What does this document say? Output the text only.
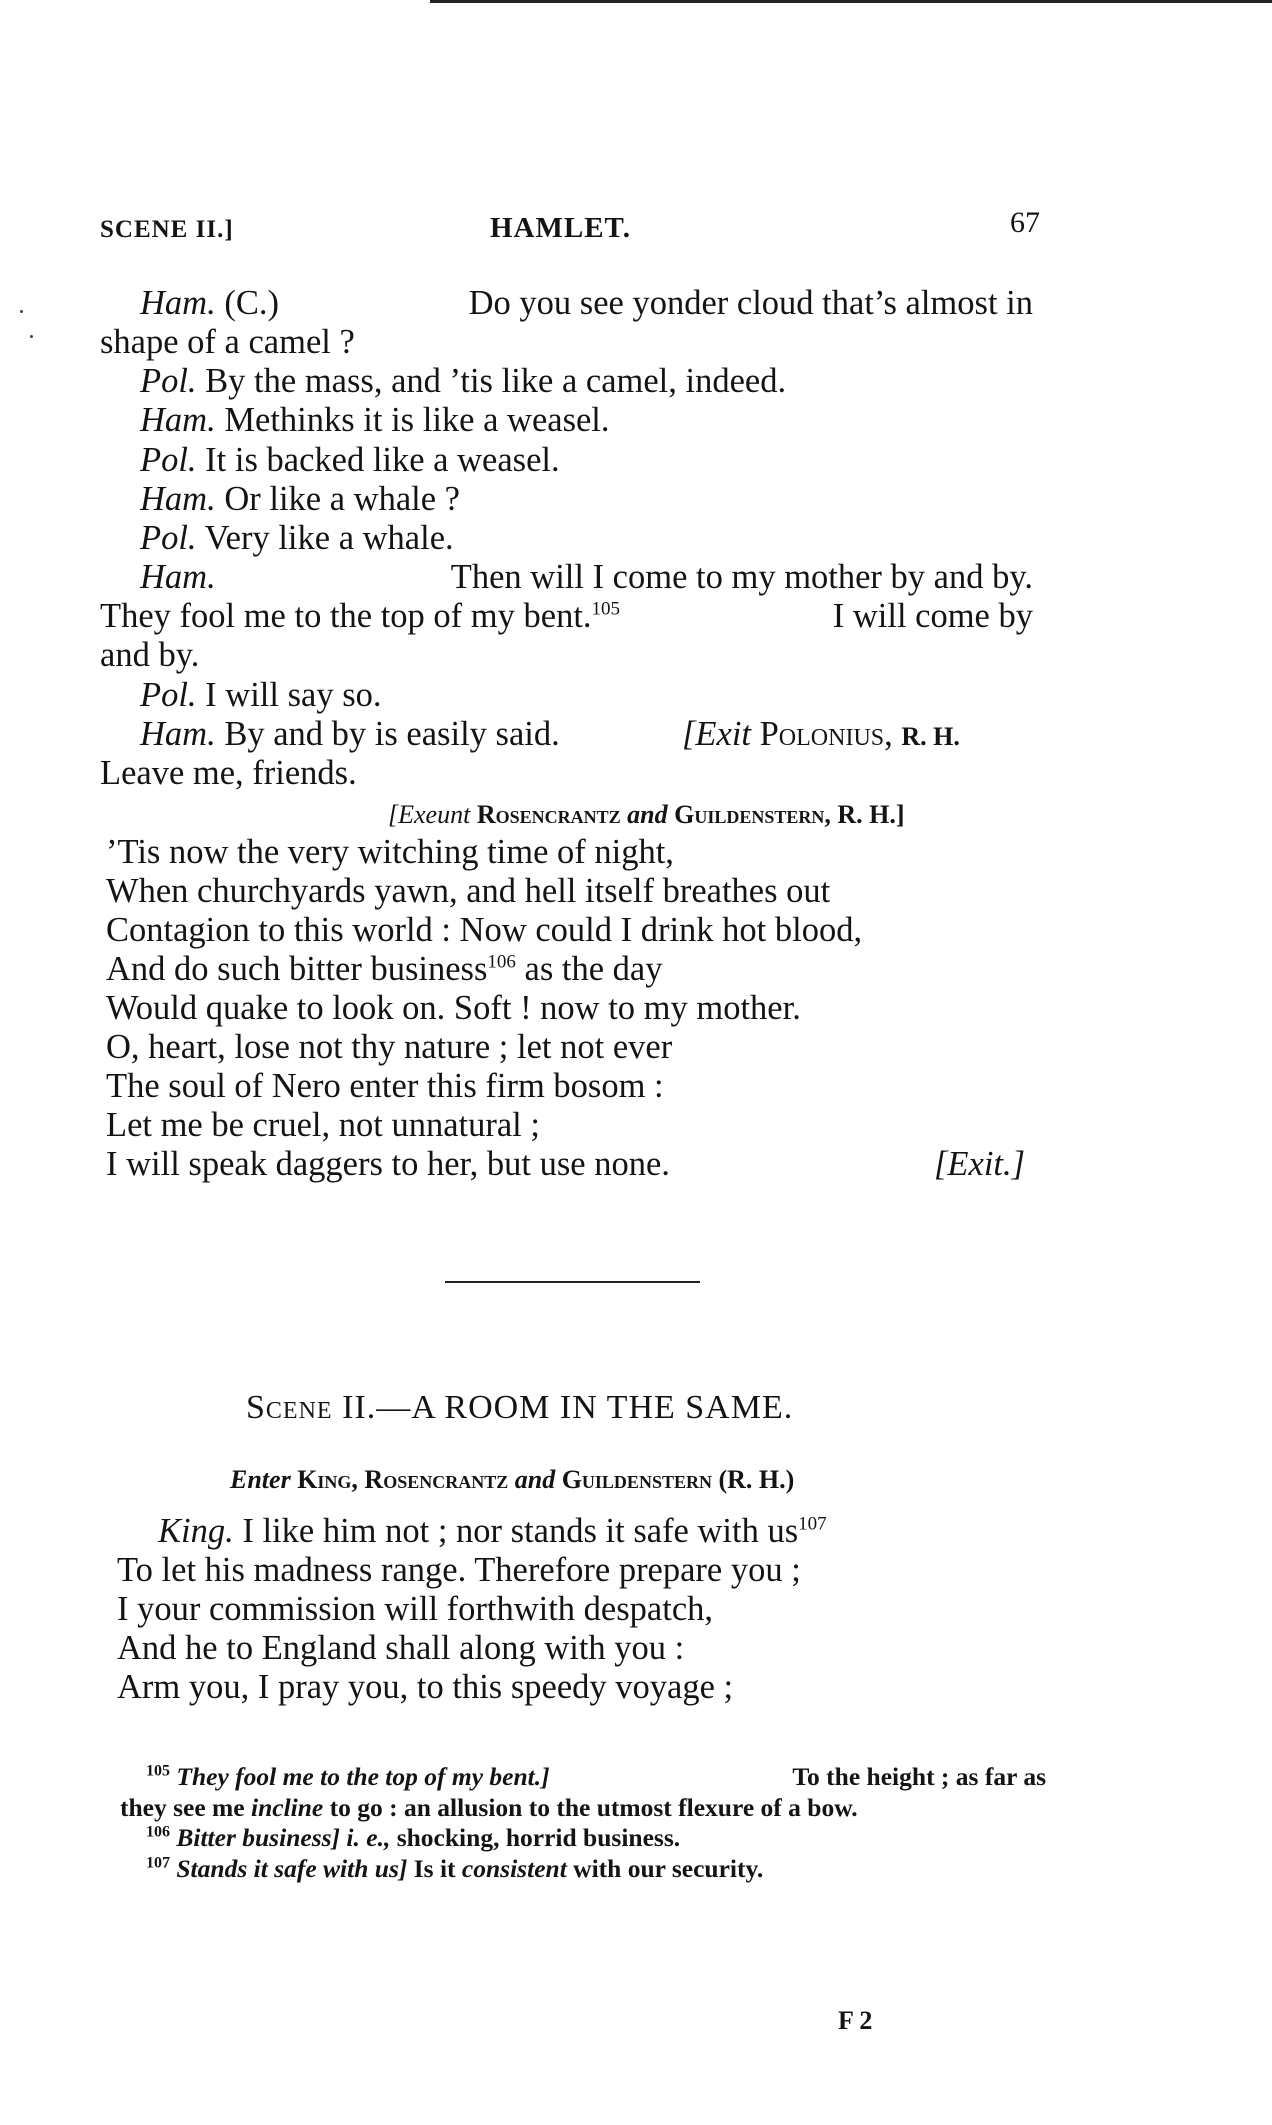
SCENE II.]	HAMLET.	67
Ham. (C.)	Do you see yonder cloud that’s almost in
shape of a camel ?
Pol. By the mass, and ’tis like a camel, indeed.
Ham. Methinks it is like a weasel.
Pol. It is backed like a weasel.
Ham. Or like a whale ?
Pol. Very like a whale.
Ham.	Then will I come to my mother by and by.
They fool me to the top of my bent.$^{105}$	I will come by
and by.
Pol. I will say so.
Ham. By and by is easily said.	[Exit Polonius, R. H.
Leave me, friends.
[Exeunt Rosencrantz and Guildenstern, R. H.]
’Tis now the very witching time of night,
When churchyards yawn, and hell itself breathes out
Contagion to this world : Now could I drink hot blood,
And do such bitter business$^{106}$ as the day
Would quake to look on. Soft ! now to my mother.
O, heart, lose not thy nature ; let not ever
The soul of Nero enter this firm bosom :
Let me be cruel, not unnatural ;
I will speak daggers to her, but use none.	[Exit.]
Scene II.—A ROOM IN THE SAME.
Enter King, Rosencrantz and Guildenstern (R. H.)
King. I like him not ; nor stands it safe with $us^{107}$
To let his madness range. Therefore prepare you ;
I your commission will forthwith despatch,
And he to England shall along with you :
Arm you, I pray you, to this speedy voyage ;
$^{105}$ They fool me to the top of my bent.]	To the height ; as far as
they see me incline to go : an allusion to the utmost flexure of a bow.
$^{106}$ Bitter business] i. e., shocking, horrid business.
$^{107}$ Stands it safe with us] Is it consistent with our security.
F 2
